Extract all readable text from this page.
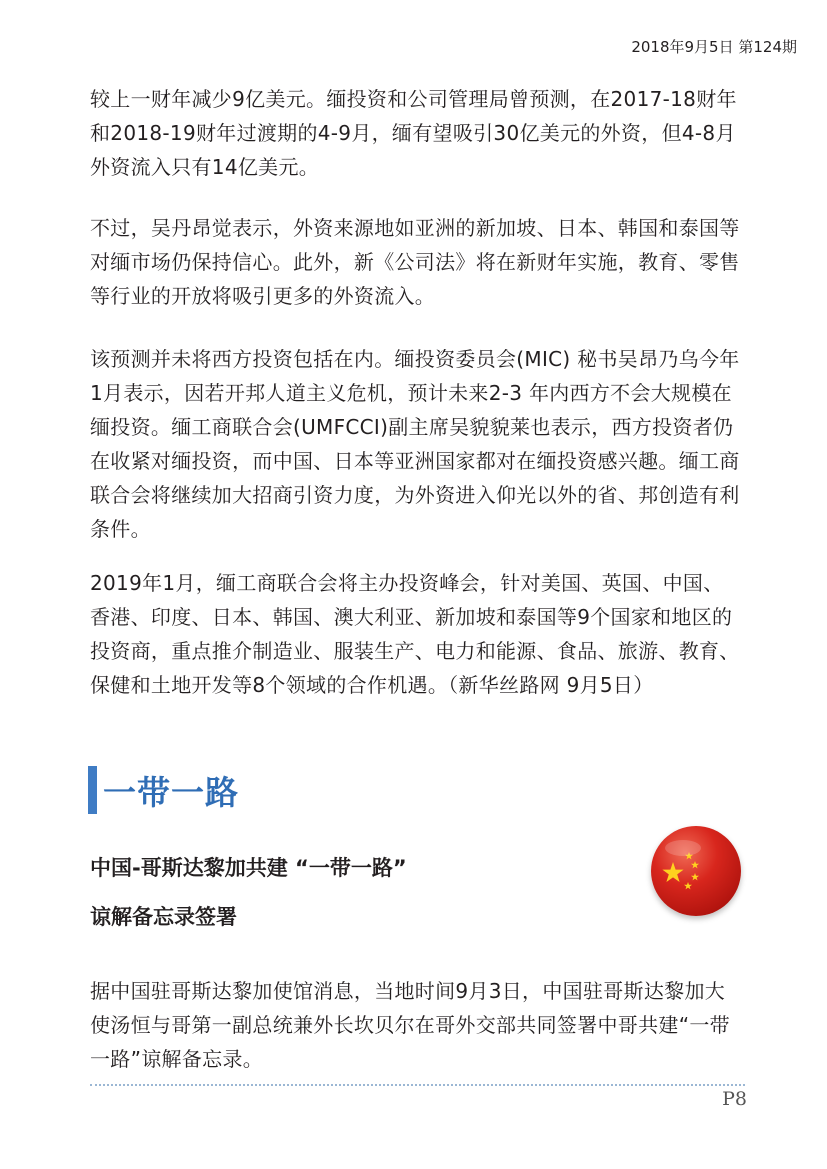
2018年9月5日 第124期

较上一财年减少9亿美元。缅投资和公司管理局曾预测，在2017-18财年和2018-19财年过渡期的4-9月，缅有望吸引30亿美元的外资，但4-8月外资流入只有14亿美元。

不过，吴丹昂觉表示，外资来源地如亚洲的新加坡、日本、韩国和泰国等对缅市场仍保持信心。此外，新《公司法》将在新财年实施，教育、零售等行业的开放将吸引更多的外资流入。

该预测并未将西方投资包括在内。缅投资委员会(MIC) 秘书吴昂乃乌今年1月表示，因若开邦人道主义危机，预计未来2-3 年内西方不会大规模在缅投资。缅工商联合会(UMFCCI)副主席吴貌貌莱也表示，西方投资者仍在收紧对缅投资，而中国、日本等亚洲国家都对在缅投资感兴趣。缅工商联合会将继续加大招商引资力度，为外资进入仰光以外的省、邦创造有利条件。

2019年1月，缅工商联合会将主办投资峰会，针对美国、英国、中国、香港、印度、日本、韩国、澳大利亚、新加坡和泰国等9个国家和地区的投资商，重点推介制造业、服装生产、电力和能源、食品、旅游、教育、保健和土地开发等8个领域的合作机遇。（新华丝路网 9月5日）

一带一路
中国-哥斯达黎加共建 “一带一路”
谅解备忘录签署

据中国驻哥斯达黎加使馆消息，当地时间9月3日，中国驻哥斯达黎加大使汤恒与哥第一副总统兼外长坎贝尔在哥外交部共同签署中哥共建“一带一路”谅解备忘录。

P8
